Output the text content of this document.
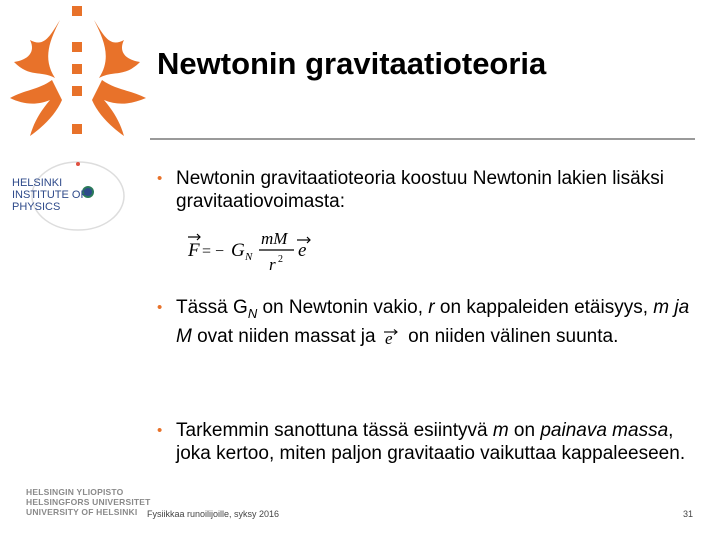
Newtonin gravitaatioteoria
HELSINKI
INSTITUTE OF
PHYSICS
• Newtonin gravitaatioteoria koostuu Newtonin lakien lisäksi gravitaatiovoimasta:
F = − G N
mM
r 2 e
• Tässä $G_N$ on Newtonin vakio, r on kappaleiden etäisyys, m ja M ovat niiden massat ja e on niiden välinen suunta.
• Tarkemmin sanottuna tässä esiintyvä m on painava massa, joka kertoo, miten paljon gravitaatio vaikuttaa kappaleeseen.
HELSINGIN YLIOPISTO
HELSINGFORS UNIVERSITET
UNIVERSITY OF HELSINKI	Fysiikkaa runoilijoille, syksy 2016	31
